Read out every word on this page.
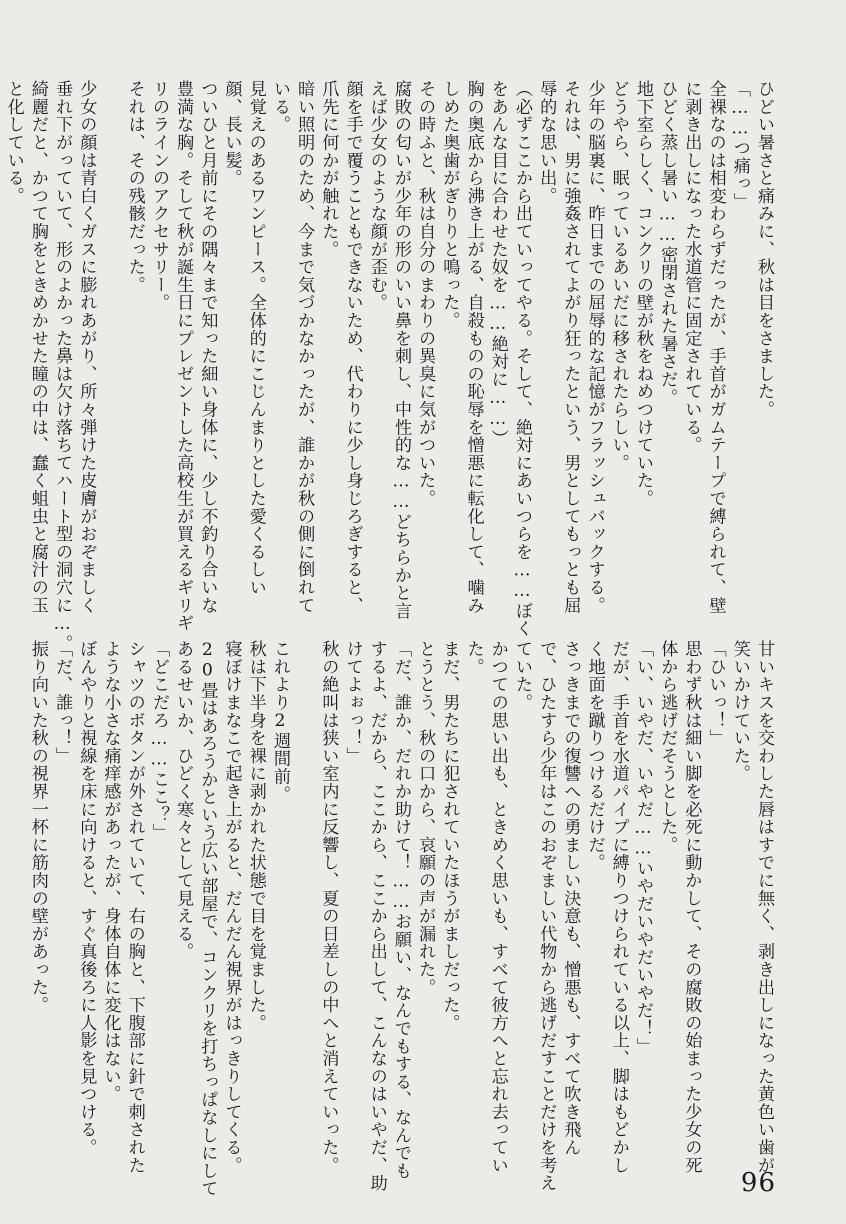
ひどい暑さと痛みに、秋は目をさました。

「……つ痛っ」

全裸なのは相変わらずだったが、手首がガムテープで縛られて、壁

に剥き出しになった水道管に固定されている。

ひどく蒸し暑い……密閉された暑さだ。

地下室らしく、コンクリの壁が秋をねめつけていた。

どうやら、眠っているあいだに移されたらしい。

少年の脳裏に、昨日までの屈辱的な記憶がフラッシュバックする。

それは、男に強姦されてよがり狂ったという、男としてもっとも屈

辱的な思い出。

（必ずここから出ていってやる。そして、絶対にあいつらを……ぼく

をあんな目に合わせた奴を……絶対に……）

胸の奥底から沸き上がる、自殺ものの恥辱を憎悪に転化して、噛み

しめた奥歯がぎりりと鳴った。

その時ふと、秋は自分のまわりの異臭に気がついた。

腐敗の匂いが少年の形のいい鼻を刺し、中性的な……どちらかと言

えば少女のような顔が歪む。

顔を手で覆うこともできないため、代わりに少し身じろぎすると、

爪先に何かが触れた。

暗い照明のため、今まで気づかなかったが、誰かが秋の側に倒れて

いる。

見覚えのあるワンピース。全体的にこじんまりとした愛くるしい

顔、長い髪。

ついひと月前にその隅々まで知った細い身体に、少し不釣り合いな

豊満な胸。そして秋が誕生日にプレゼントした高校生が買えるギリギ

リのラインのアクセサリー。

それは、その残骸だった。

少女の顔は青白くガスに膨れあがり、所々弾けた皮膚がおぞましく

垂れ下がっていて、形のよかった鼻は欠け落ちてハート型の洞穴に…。

綺麗だと、かつて胸をときめかせた瞳の中は、蠢く蛆虫と腐汁の玉

と化している。

甘いキスを交わした唇はすでに無く、剥き出しになった黄色い歯が

笑いかけていた。

「ひいっ！」

思わず秋は細い脚を必死に動かして、その腐敗の始まった少女の死

体から逃げだそうとした。

「い、いやだ、いやだ……いやだいやだいやだ！」

だが、手首を水道パイプに縛りつけられている以上、脚はもどかし

く地面を蹴りつけるだけだ。

さっきまでの復讐への勇ましい決意も、憎悪も、すべて吹き飛ん

で、ひたすら少年はこのおぞましい代物から逃げだすことだけを考え

ていた。

かつての思い出も、ときめく思いも、すべて彼方へと忘れ去ってい

た。

まだ、男たちに犯されていたほうがましだった。

とうとう、秋の口から、哀願の声が漏れた。

「だ、誰か、だれか助けて！……お願い、なんでもする、なんでも

するよ、だから、ここから、ここから出して、こんなのはいやだ、助

けてよぉっ！」

秋の絶叫は狭い室内に反響し、夏の日差しの中へと消えていった。

これより2週間前。

秋は下半身を裸に剥かれた状態で目を覚ました。

寝ぼけまなこで起き上がると、だんだん視界がはっきりしてくる。

20畳はあろうかという広い部屋で、コンクリを打ちっぱなしにして

あるせいか、ひどく寒々として見える。

「どこだろ……ここ？」

シャツのボタンが外されていて、右の胸と、下腹部に針で刺された

ような小さな痛痒感があったが、身体自体に変化はない。

ぼんやりと視線を床に向けると、すぐ真後ろに人影を見つける。

「だ、誰っ！」

振り向いた秋の視界一杯に筋肉の壁があった。

96
